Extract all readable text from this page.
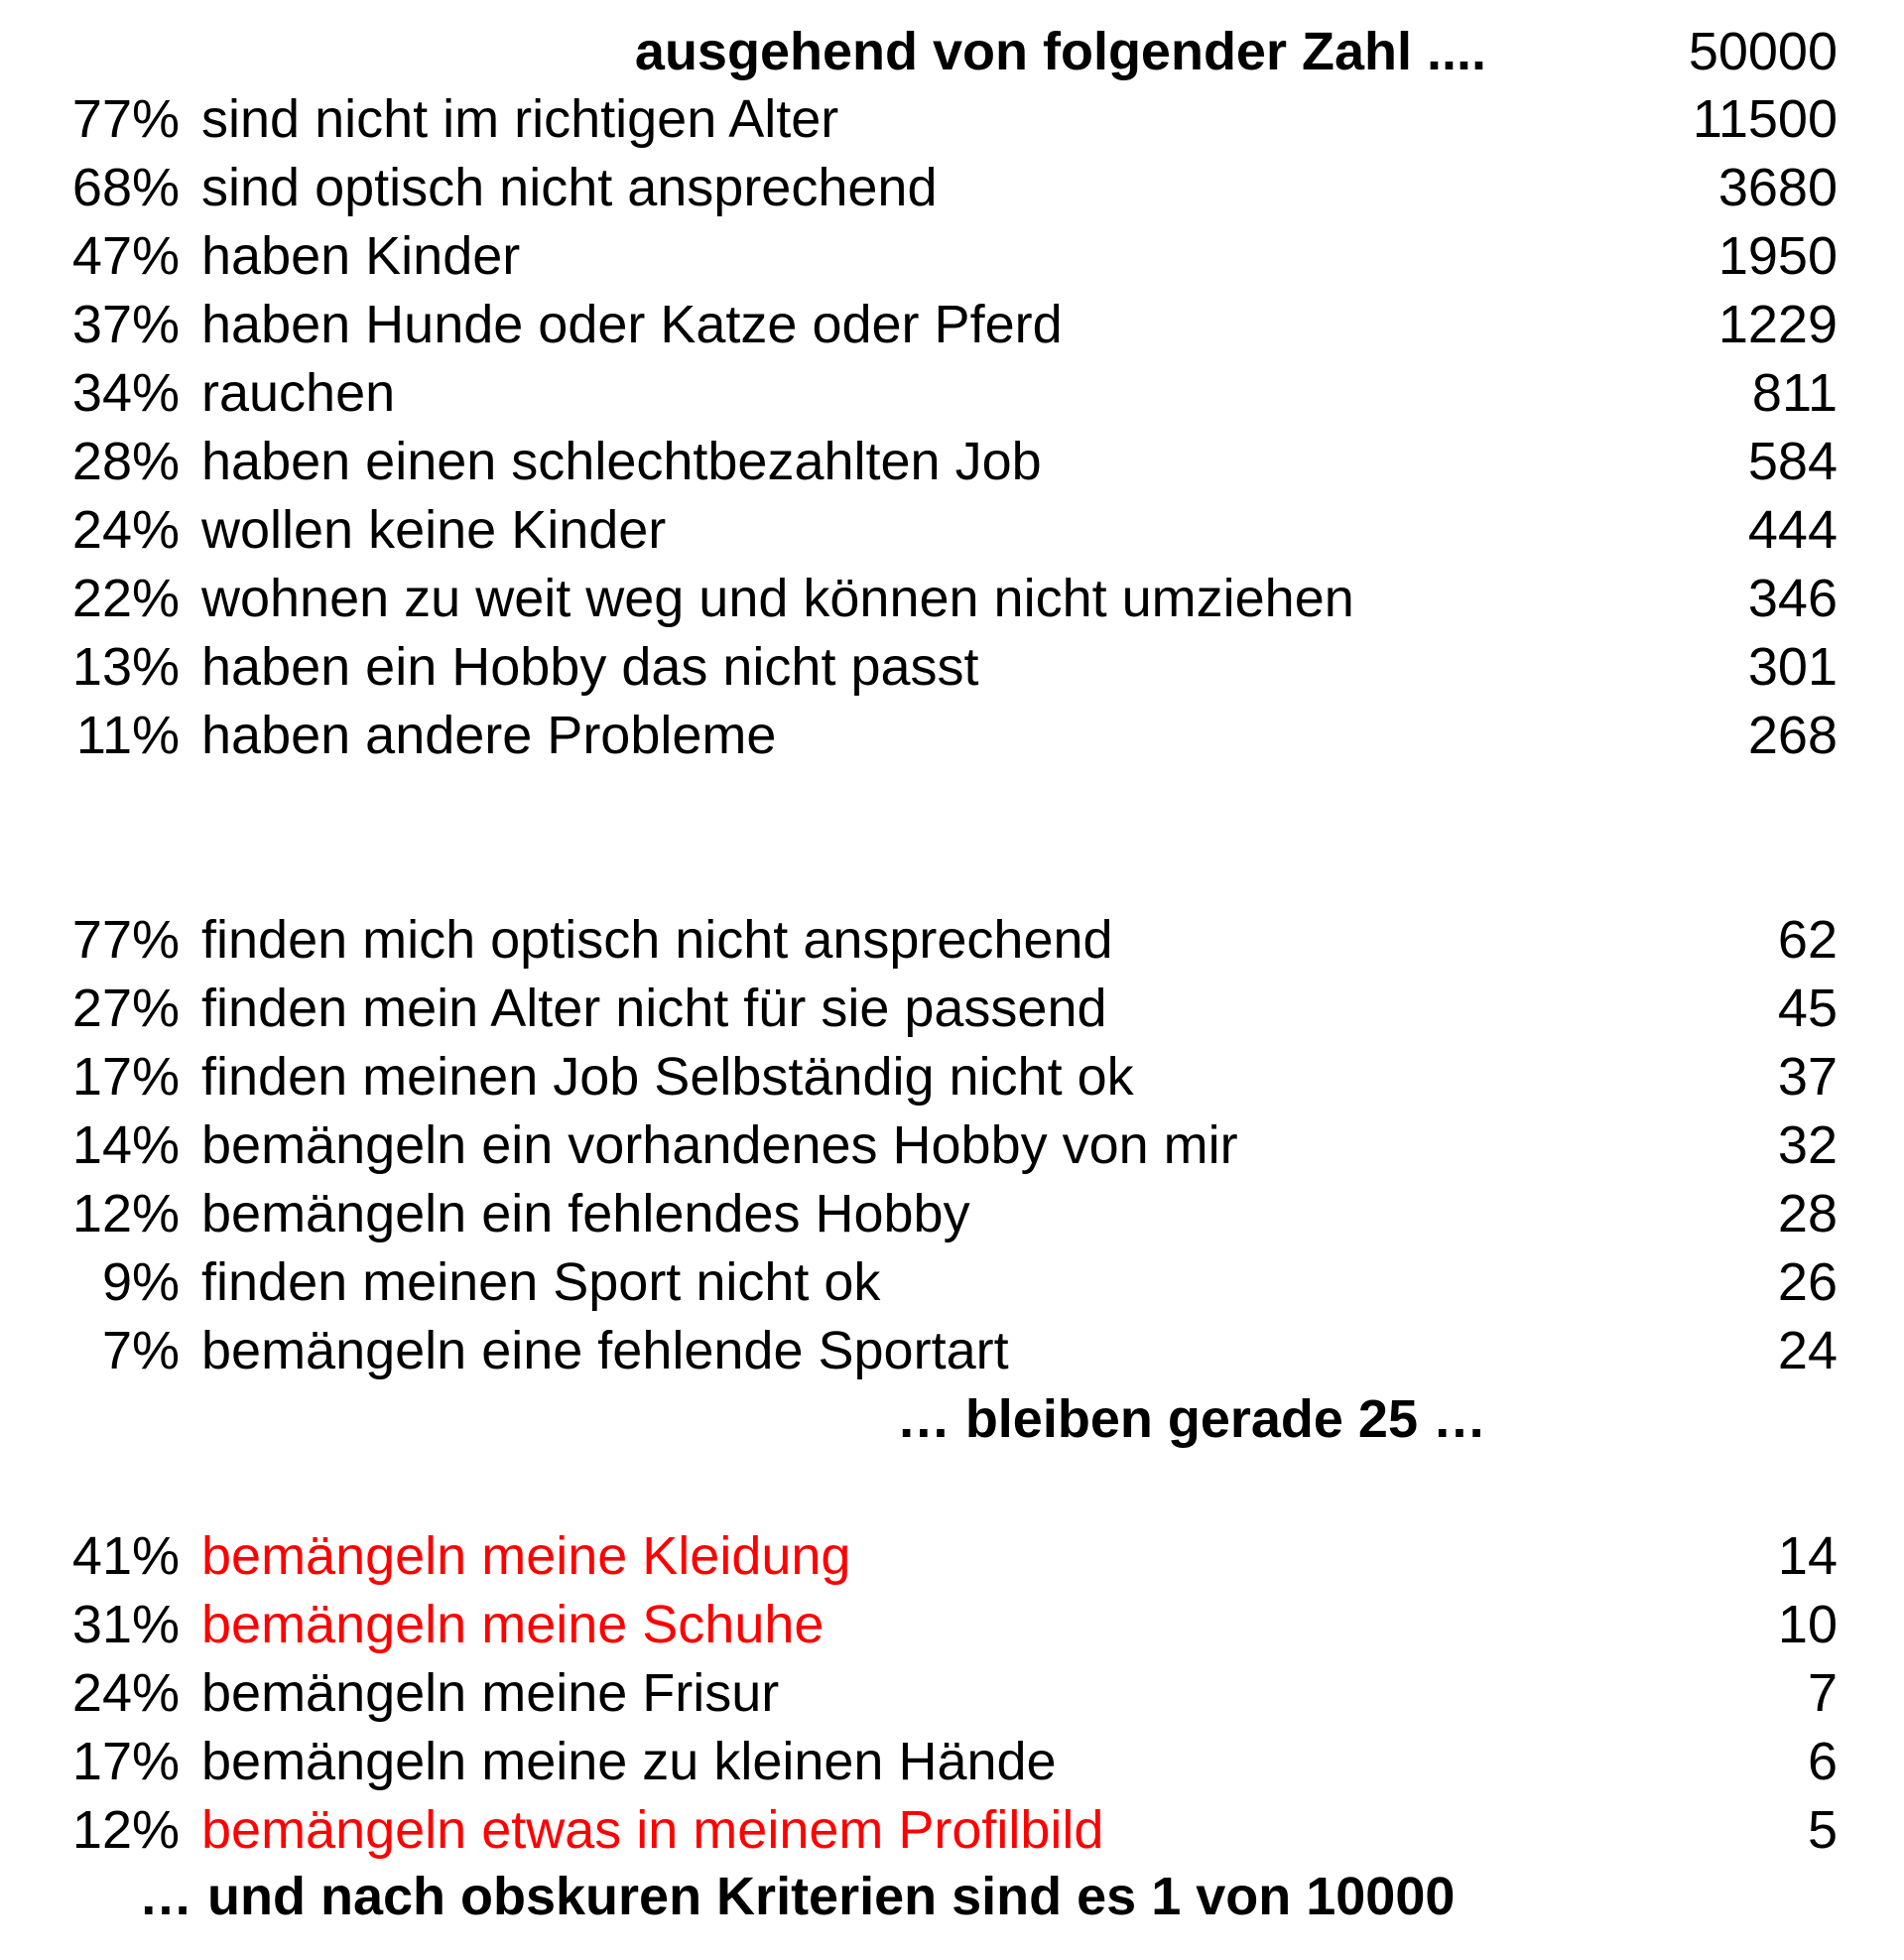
ausgehend von folgender Zahl ....	50000
77% sind nicht im richtigen Alter	11500
68% sind optisch nicht ansprechend	3680
47% haben Kinder	1950
37% haben Hunde oder Katze oder Pferd	1229
34% rauchen	811
28% haben einen schlechtbezahlten Job	584
24% wollen keine Kinder	444
22% wohnen zu weit weg und können nicht umziehen	346
13% haben ein Hobby das nicht passt	301
11% haben andere Probleme	268
77% finden mich optisch nicht ansprechend	62
27% finden mein Alter nicht für sie passend	45
17% finden meinen Job Selbständig nicht ok	37
14% bemängeln ein vorhandenes Hobby von mir	32
12% bemängeln ein fehlendes Hobby	28
9% finden meinen Sport nicht ok	26
7% bemängeln eine fehlende Sportart	24
… bleiben gerade 25 …
41% bemängeln meine Kleidung	14
31% bemängeln meine Schuhe	10
24% bemängeln meine Frisur	7
17% bemängeln meine zu kleinen Hände	6
12% bemängeln etwas in meinem Profilbild	5
… und nach obskuren Kriterien sind es 1 von 10000
